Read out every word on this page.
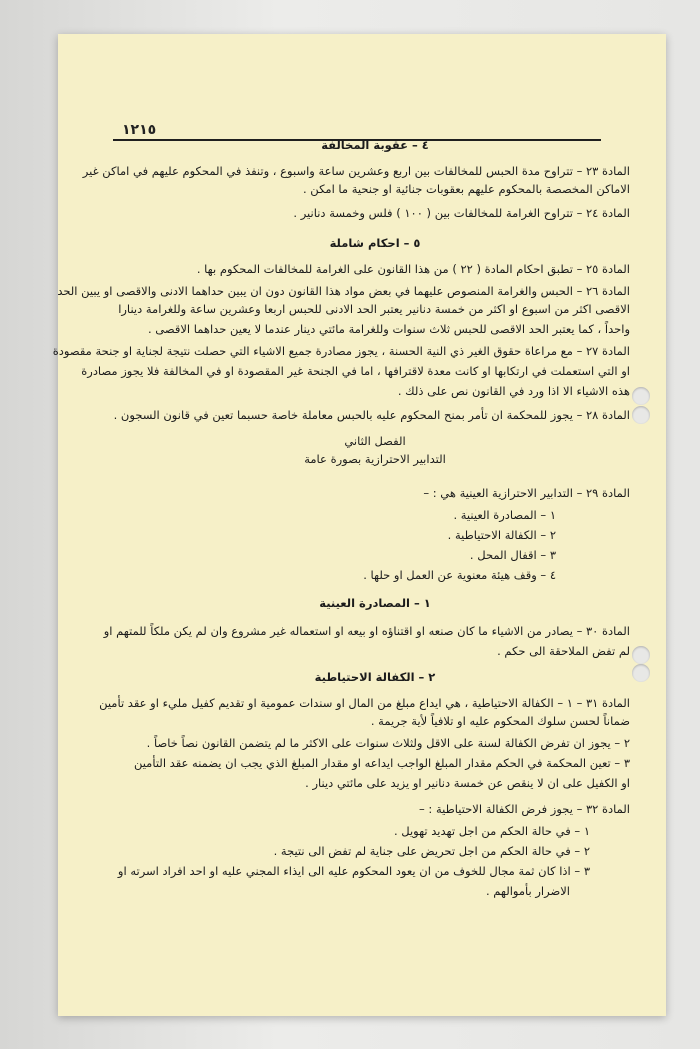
١٢١٥
٤ – عقوبة المخالفة
المادة ٢٣ – تتراوح مدة الحبس للمخالفات بين اربع وعشرين ساعة واسبوع ، وتنفذ في المحكوم عليهم في اماكن غير
الاماكن المخصصة بالمحكوم عليهم بعقوبات جنائية او جنحية ما امكن .
المادة ٢٤ – تتراوح الغرامة للمخالفات بين ( ١٠٠ ) فلس وخمسة دنانير .
٥ – احكام شاملة
المادة ٢٥ – تطبق احكام المادة ( ٢٢ ) من هذا القانون على الغرامة للمخالفات المحكوم بها .
المادة ٢٦ – الحبس والغرامة المنصوص عليهما في بعض مواد هذا القانون دون ان يبين حداهما الادنى والاقصى او يبين الحد
الاقصى اكثر من اسبوع او اكثر من خمسة دنانير يعتبر الحد الادنى للحبس اربعا وعشرين ساعة وللغرامة دينارا
واحداً ، كما يعتبر الحد الاقصى للحبس ثلاث سنوات وللغرامة مائتي دينار عندما لا يعين حداهما الاقصى .
المادة ٢٧ – مع مراعاة حقوق الغير ذي النية الحسنة ، يجوز مصادرة جميع الاشياء التي حصلت نتيجة لجناية او جنحة مقصودة
او التي استعملت في ارتكابها او كانت معدة لاقترافها ، اما في الجنحة غير المقصودة او في المخالفة فلا يجوز مصادرة
هذه الاشياء الا اذا ورد في القانون نص على ذلك .
المادة ٢٨ – يجوز للمحكمة ان تأمر بمنح المحكوم عليه بالحبس معاملة خاصة حسبما تعين في قانون السجون .
الفصل الثاني
التدابير الاحترازية بصورة عامة
المادة ٢٩ – التدابير الاحترازية العينية هي : –
١ – المصادرة العينية .
٢ – الكفالة الاحتياطية .
٣ – اقفال المحل .
٤ – وقف هيئة معنوية عن العمل او حلها .
١ – المصادرة العينية
المادة ٣٠ – يصادر من الاشياء ما كان صنعه او اقتناؤه او بيعه او استعماله غير مشروع وان لم يكن ملكاً للمتهم او
لم تفض الملاحقة الى حكم .
٢ – الكفالة الاحتياطية
المادة ٣١ – ١ – الكفالة الاحتياطية ، هي ايداع مبلغ من المال او سندات عمومية او تقديم كفيل مليء او عقد تأمين
ضماناً لحسن سلوك المحكوم عليه او تلافياً لأية جريمة .
٢ – يجوز ان تفرض الكفالة لسنة على الاقل ولثلاث سنوات على الاكثر ما لم يتضمن القانون نصاً خاصاً .
٣ – تعين المحكمة في الحكم مقدار المبلغ الواجب ايداعه او مقدار المبلغ الذي يجب ان يضمنه عقد التأمين
او الكفيل على ان لا ينقص عن خمسة دنانير او يزيد على مائتي دينار .
المادة ٣٢ – يجوز فرض الكفالة الاحتياطية : –
١ – في حالة الحكم من اجل تهديد تهويل .
٢ – في حالة الحكم من اجل تحريض على جناية لم تفض الى نتيجة .
٣ – اذا كان ثمة مجال للخوف من ان يعود المحكوم عليه الى ايذاء المجني عليه او احد افراد اسرته او
الاضرار بأموالهم .
